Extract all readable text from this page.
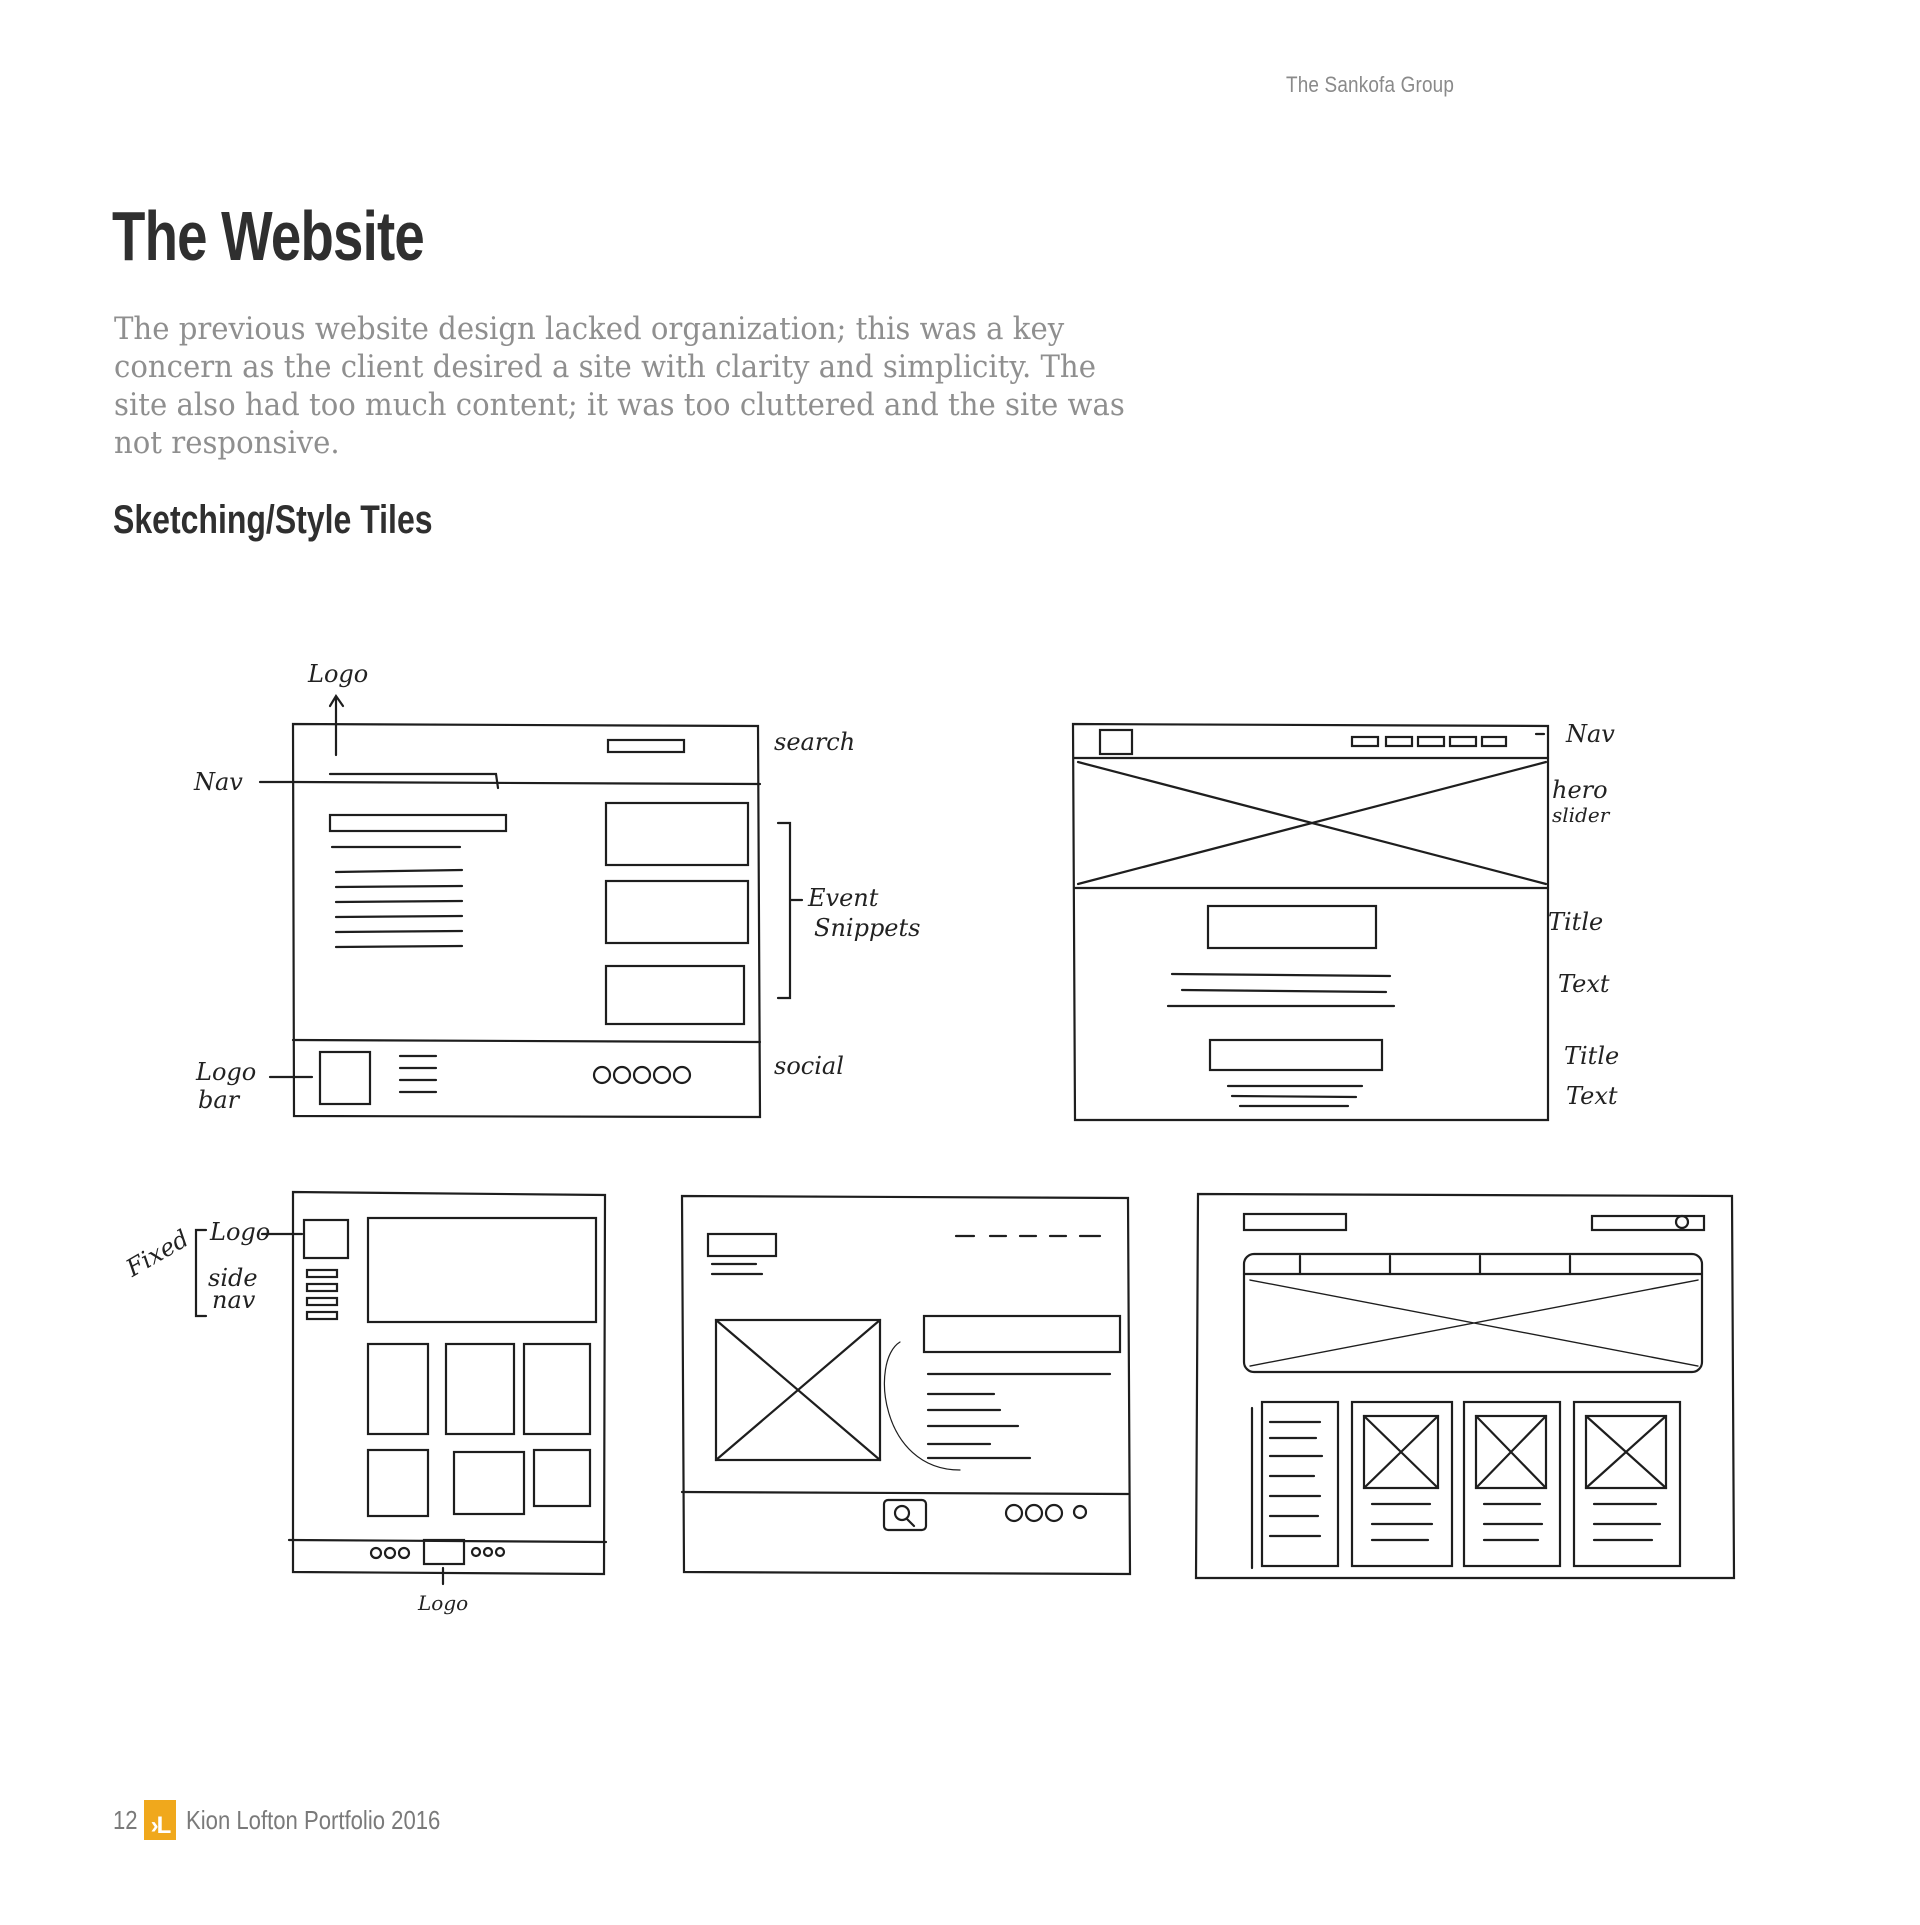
The Sankofa Group
The Website

The previous website design lacked organization; this was a key concern as the client desired a site with clarity and simplicity. The site also had too much content; it was too cluttered and the site was not responsive.

Sketching/Style Tiles
Logo
Nav
search
Event
Snippets
Logo
bar
social
Nav
hero
slider
Title
Text
Title
Text
Fixed Logo
side
nav
Logo
12 ›L Kion Lofton Portfolio 2016
